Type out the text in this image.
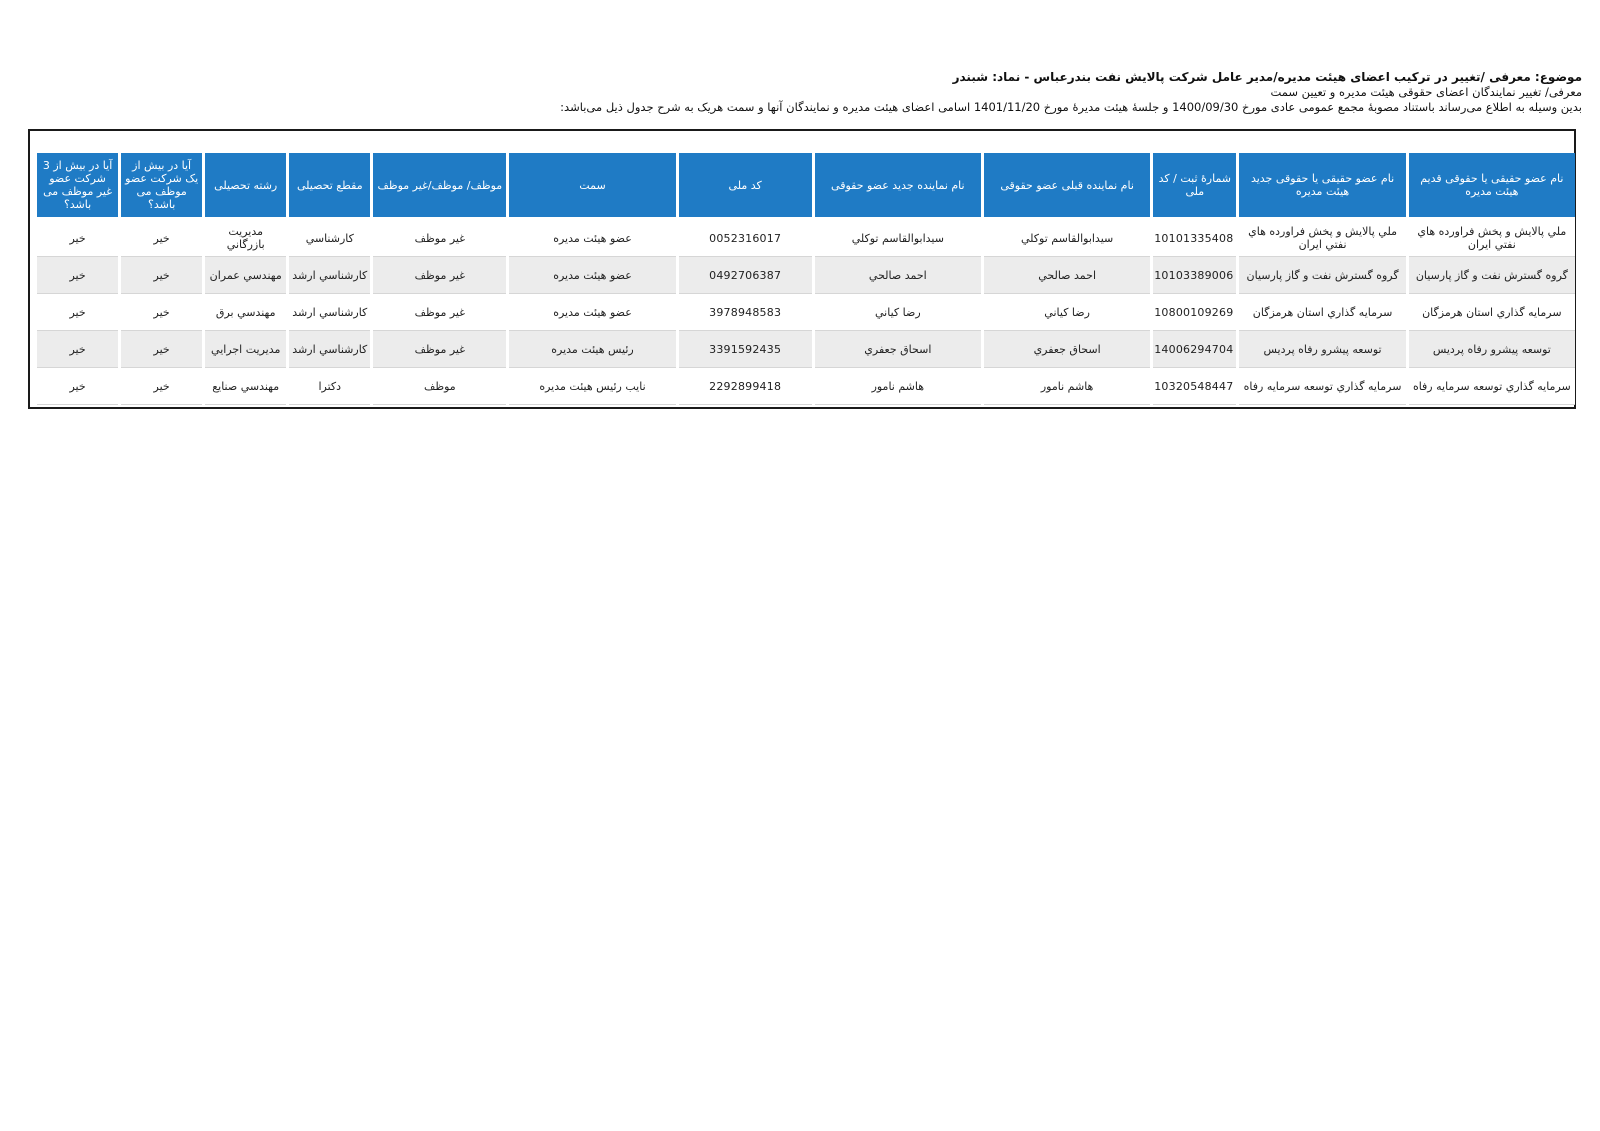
موضوع: معرفی /تغییر در ترکیب اعضای هیئت مدیره/مدیر عامل شرکت پالایش نفت بندرعباس - نماد: شبندر
معرفی/ تغییر نمایندگان اعضای حقوقی هیئت مدیره و تعیین سمت
بدین وسیله به اطلاع می‌رساند باستناد مصوبهٔ مجمع عمومی عادی مورخ 1400/09/30 و جلسهٔ هیئت مدیرهٔ مورخ 1401/11/20 اسامی اعضای هیئت مدیره و نمایندگان آنها و سمت هریک به شرح جدول ذیل می‌باشد:
نام عضو حقیقی یا حقوقی قدیم هیئت مدیره	نام عضو حقیقی یا حقوقی جدید هیئت مدیره	شمارهٔ ثبت / کد ملی	نام نماینده قبلی عضو حقوقی	نام نماینده جدید عضو حقوقی	کد ملی	سمت	موظف/ موظف/غیر موظف	مقطع تحصیلی	رشته تحصیلی	آیا در بیش از یک شرکت عضو موظف می باشد؟	آیا در بیش از 3 شرکت عضو غیر موظف می باشد؟
ملي پالايش و پخش فراورده هاي نفتي ايران	ملي پالايش و پخش فراورده هاي نفتي ايران	10101335408	سيدابوالقاسم توکلي	سيدابوالقاسم توکلي	0052316017	عضو هيئت مديره	غير موظف	کارشناسي	مديريت بازرگاني	خير	خير
گروه گسترش نفت و گاز پارسيان	گروه گسترش نفت و گاز پارسيان	10103389006	احمد صالحي	احمد صالحي	0492706387	عضو هيئت مديره	غير موظف	کارشناسي ارشد	مهندسي عمران	خير	خير
سرمايه گذاري استان هرمزگان	سرمايه گذاري استان هرمزگان	10800109269	رضا کياني	رضا کياني	3978948583	عضو هيئت مديره	غير موظف	کارشناسي ارشد	مهندسي برق	خير	خير
توسعه پيشرو رفاه پرديس	توسعه پيشرو رفاه پرديس	14006294704	اسحاق جعفري	اسحاق جعفري	3391592435	رئيس هيئت مديره	غير موظف	کارشناسي ارشد	مديريت اجرايي	خير	خير
سرمايه گذاري توسعه سرمايه رفاه	سرمايه گذاري توسعه سرمايه رفاه	10320548447	هاشم نامور	هاشم نامور	2292899418	نايب رئيس هيئت مديره	موظف	دکترا	مهندسي صنايع	خير	خير
